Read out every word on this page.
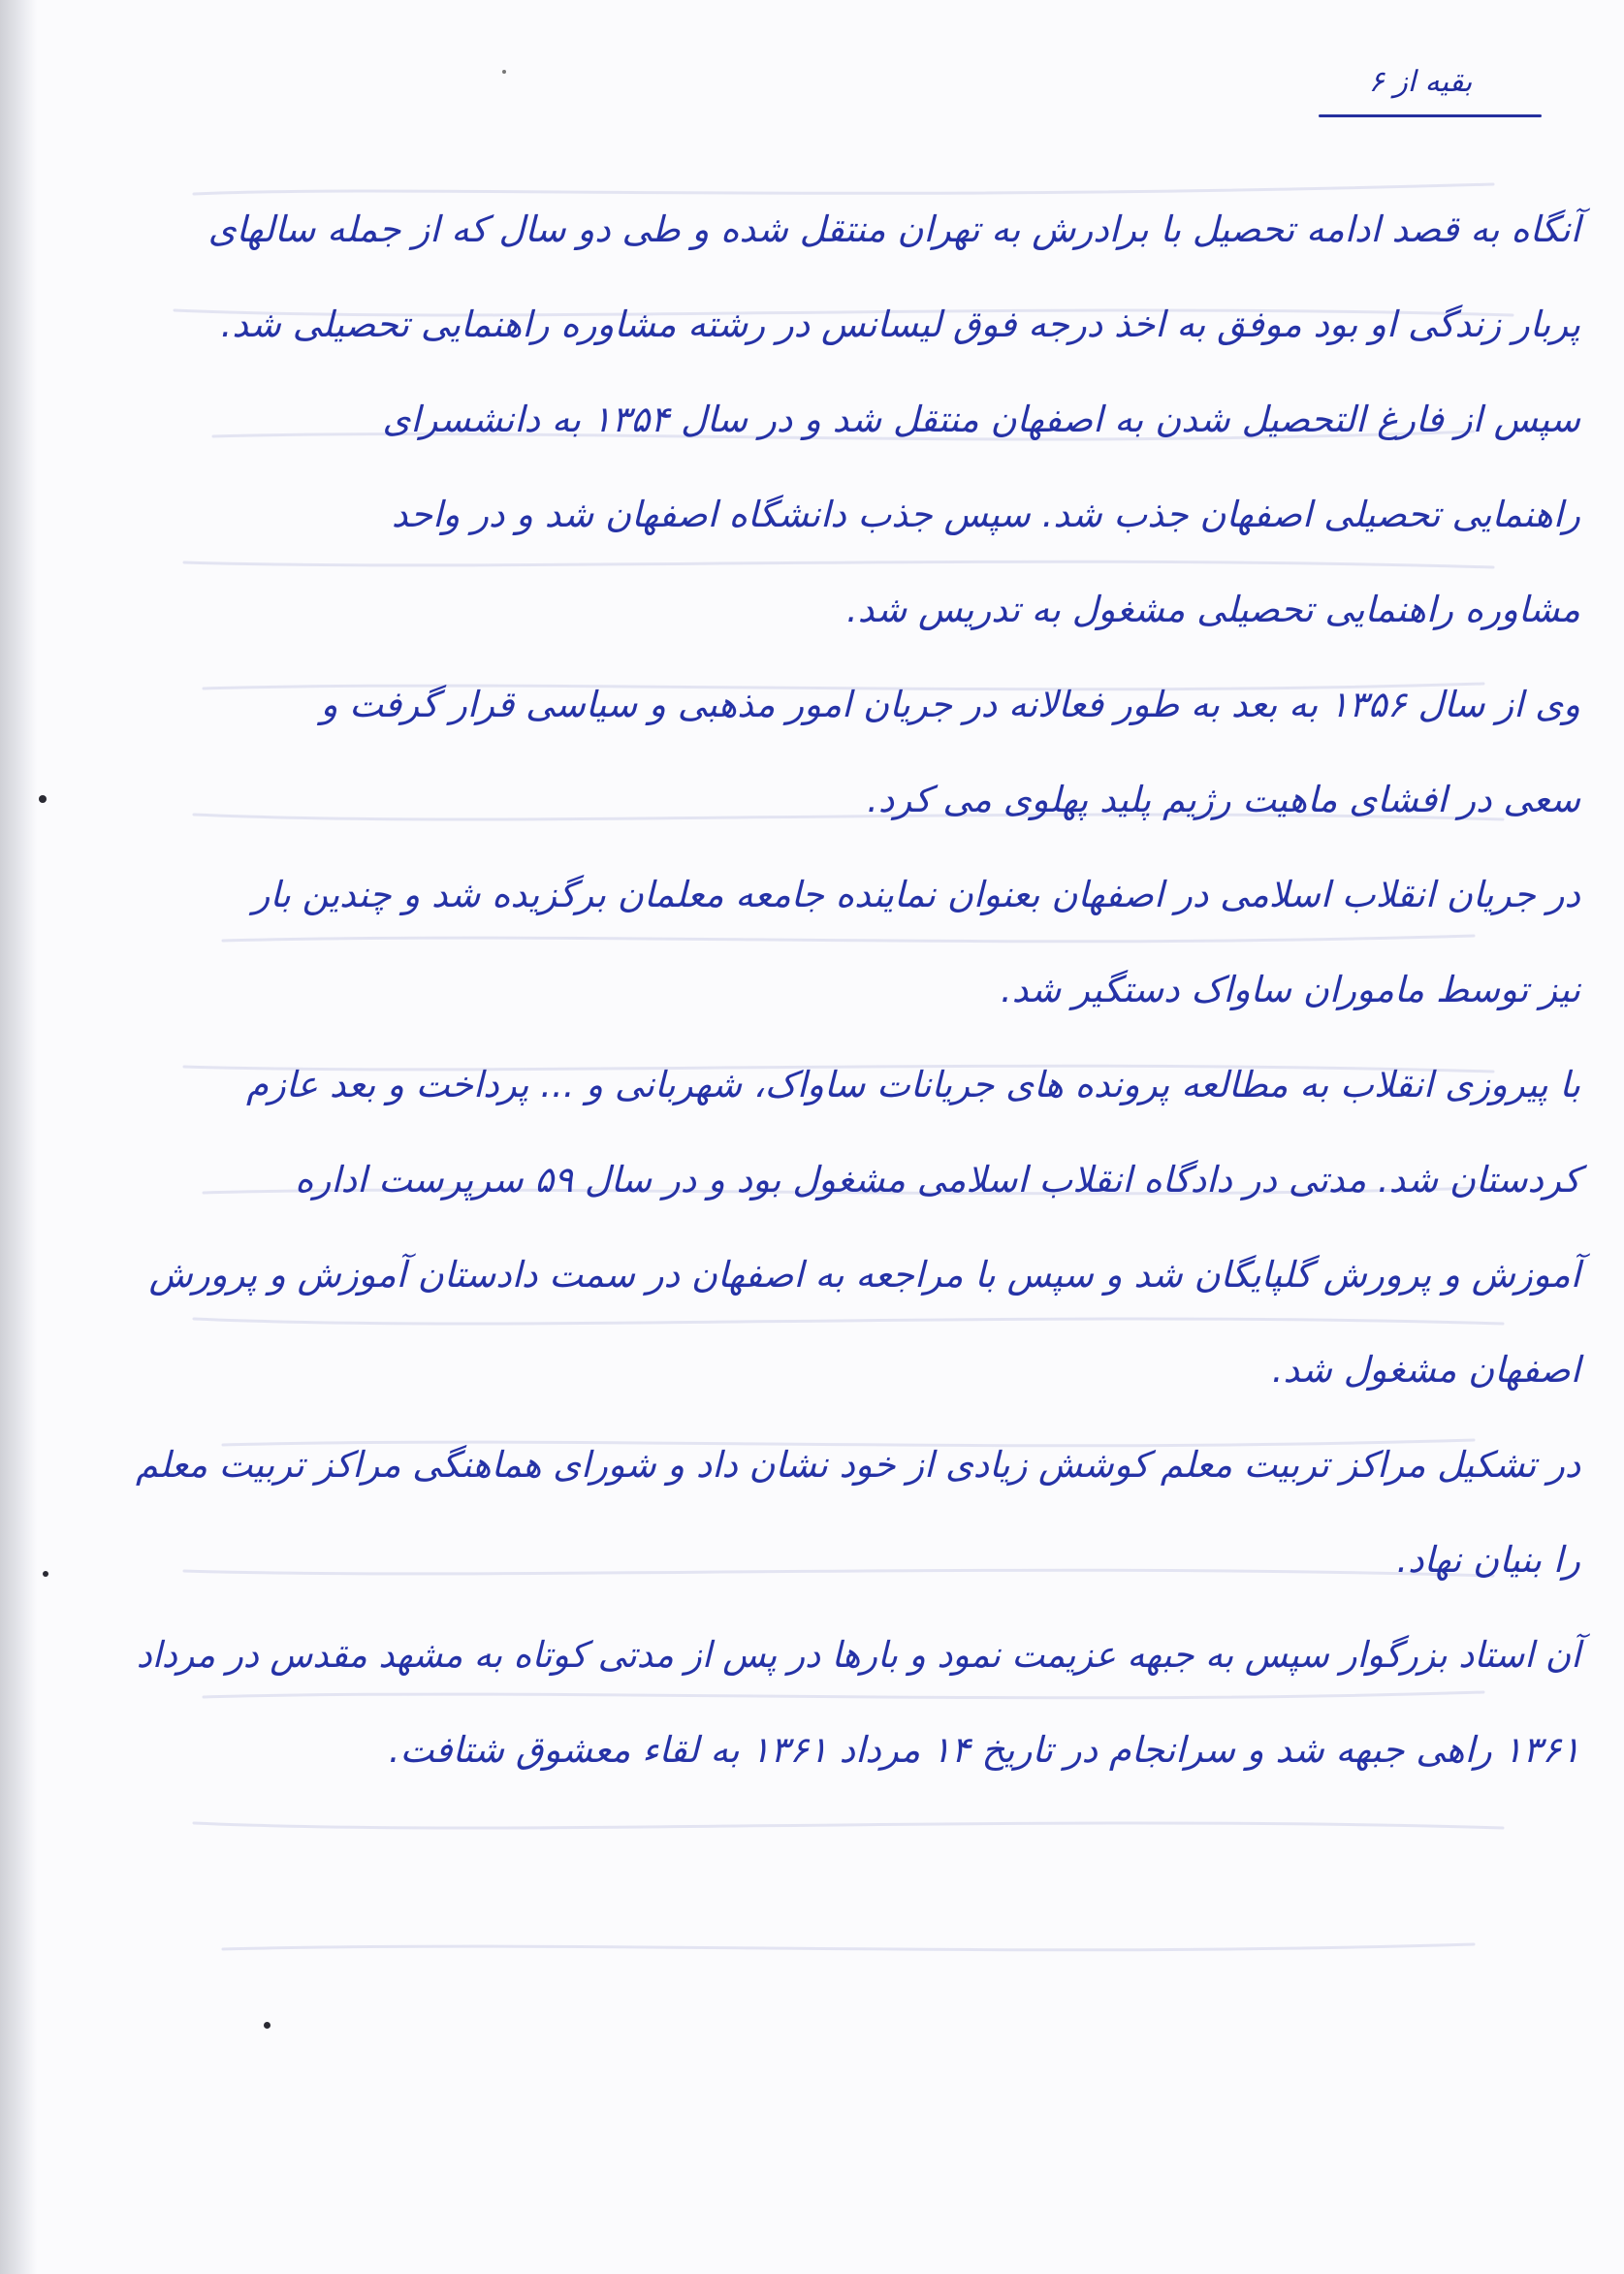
بقیه از ۶
آنگاه به قصد ادامه تحصیل با برادرش به تهران منتقل شده و طی دو سال که از جمله سالهای
پربار زندگی او بود موفق به اخذ درجه فوق لیسانس در رشته مشاوره راهنمایی تحصیلی شد.
سپس از فارغ التحصیل شدن به اصفهان منتقل شد و در سال ۱۳۵۴ به دانشسرای
راهنمایی تحصیلی اصفهان جذب شد. سپس جذب دانشگاه اصفهان شد و در واحد
مشاوره راهنمایی تحصیلی مشغول به تدریس شد.
وی از سال ۱۳۵۶ به بعد به طور فعالانه در جریان امور مذهبی و سیاسی قرار گرفت و
سعی در افشای ماهیت رژیم پلید پهلوی می کرد.
در جریان انقلاب اسلامی در اصفهان بعنوان نماینده جامعه معلمان برگزیده شد و چندین بار
نیز توسط ماموران ساواک دستگیر شد.
با پیروزی انقلاب به مطالعه پرونده های جریانات ساواک، شهربانی و ... پرداخت و بعد عازم
کردستان شد. مدتی در دادگاه انقلاب اسلامی مشغول بود و در سال ۵۹ سرپرست اداره
آموزش و پرورش گلپایگان شد و سپس با مراجعه به اصفهان در سمت دادستان آموزش و پرورش
اصفهان مشغول شد.
در تشکیل مراکز تربیت معلم کوشش زیادی از خود نشان داد و شورای هماهنگی مراکز تربیت معلم
را بنیان نهاد.
آن استاد بزرگوار سپس به جبهه عزیمت نمود و بارها در پس از مدتی کوتاه به مشهد مقدس در مرداد
۱۳۶۱ راهی جبهه شد و سرانجام در تاریخ ۱۴ مرداد ۱۳۶۱ به لقاء معشوق شتافت.
